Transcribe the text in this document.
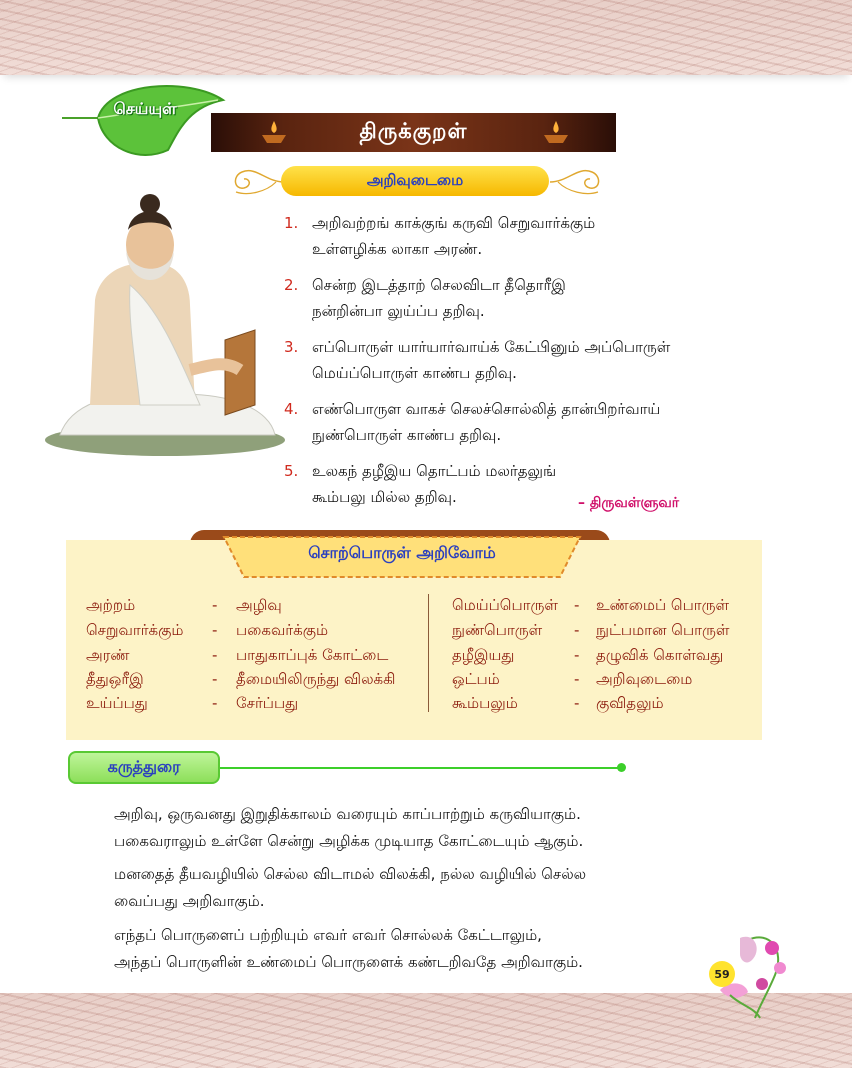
செய்யுள்
திருக்குறள்
அறிவுடைமை
1. அறிவற்றங் காக்குங் கருவி செறுவார்க்கும்
உள்ளழிக்க லாகா அரண்.
2. சென்ற இடத்தாற் செலவிடா தீதொரீஇ
நன்றின்பா லுய்ப்ப தறிவு.
3. எப்பொருள் யார்யார்வாய்க் கேட்பினும் அப்பொருள்
மெய்ப்பொருள் காண்ப தறிவு.
4. எண்பொருள வாகச் செலச்சொல்லித் தான்பிறர்வாய்
நுண்பொருள் காண்ப தறிவு.
5. உலகந் தழீஇய தொட்பம் மலர்தலுங்
கூம்பலு மில்ல தறிவு.	– திருவள்ளுவர்
சொற்பொருள் அறிவோம்
அற்றம்	- அழிவு
செறுவார்க்கும் - பகைவர்க்கும்
அரண்	- பாதுகாப்புக் கோட்டை
தீதுஒரீஇ	- தீமையிலிருந்து விலக்கி
உய்ப்பது	- சேர்ப்பது
மெய்ப்பொருள் - உண்மைப் பொருள்
நுண்பொருள் - நுட்பமான பொருள்
தழீஇயது	- தழுவிக் கொள்வது
ஒட்பம்	- அறிவுடைமை
கூம்பலும்	- குவிதலும்
கருத்துரை
அறிவு, ஒருவனது இறுதிக்காலம் வரையும் காப்பாற்றும் கருவியாகும்.
பகைவராலும் உள்ளே சென்று அழிக்க முடியாத கோட்டையும் ஆகும்.
மனதைத் தீயவழியில் செல்ல விடாமல் விலக்கி, நல்ல வழியில் செல்ல
வைப்பது அறிவாகும்.
எந்தப் பொருளைப் பற்றியும் எவர் எவர் சொல்லக் கேட்டாலும்,
அந்தப் பொருளின் உண்மைப் பொருளைக் கண்டறிவதே அறிவாகும்.
59
